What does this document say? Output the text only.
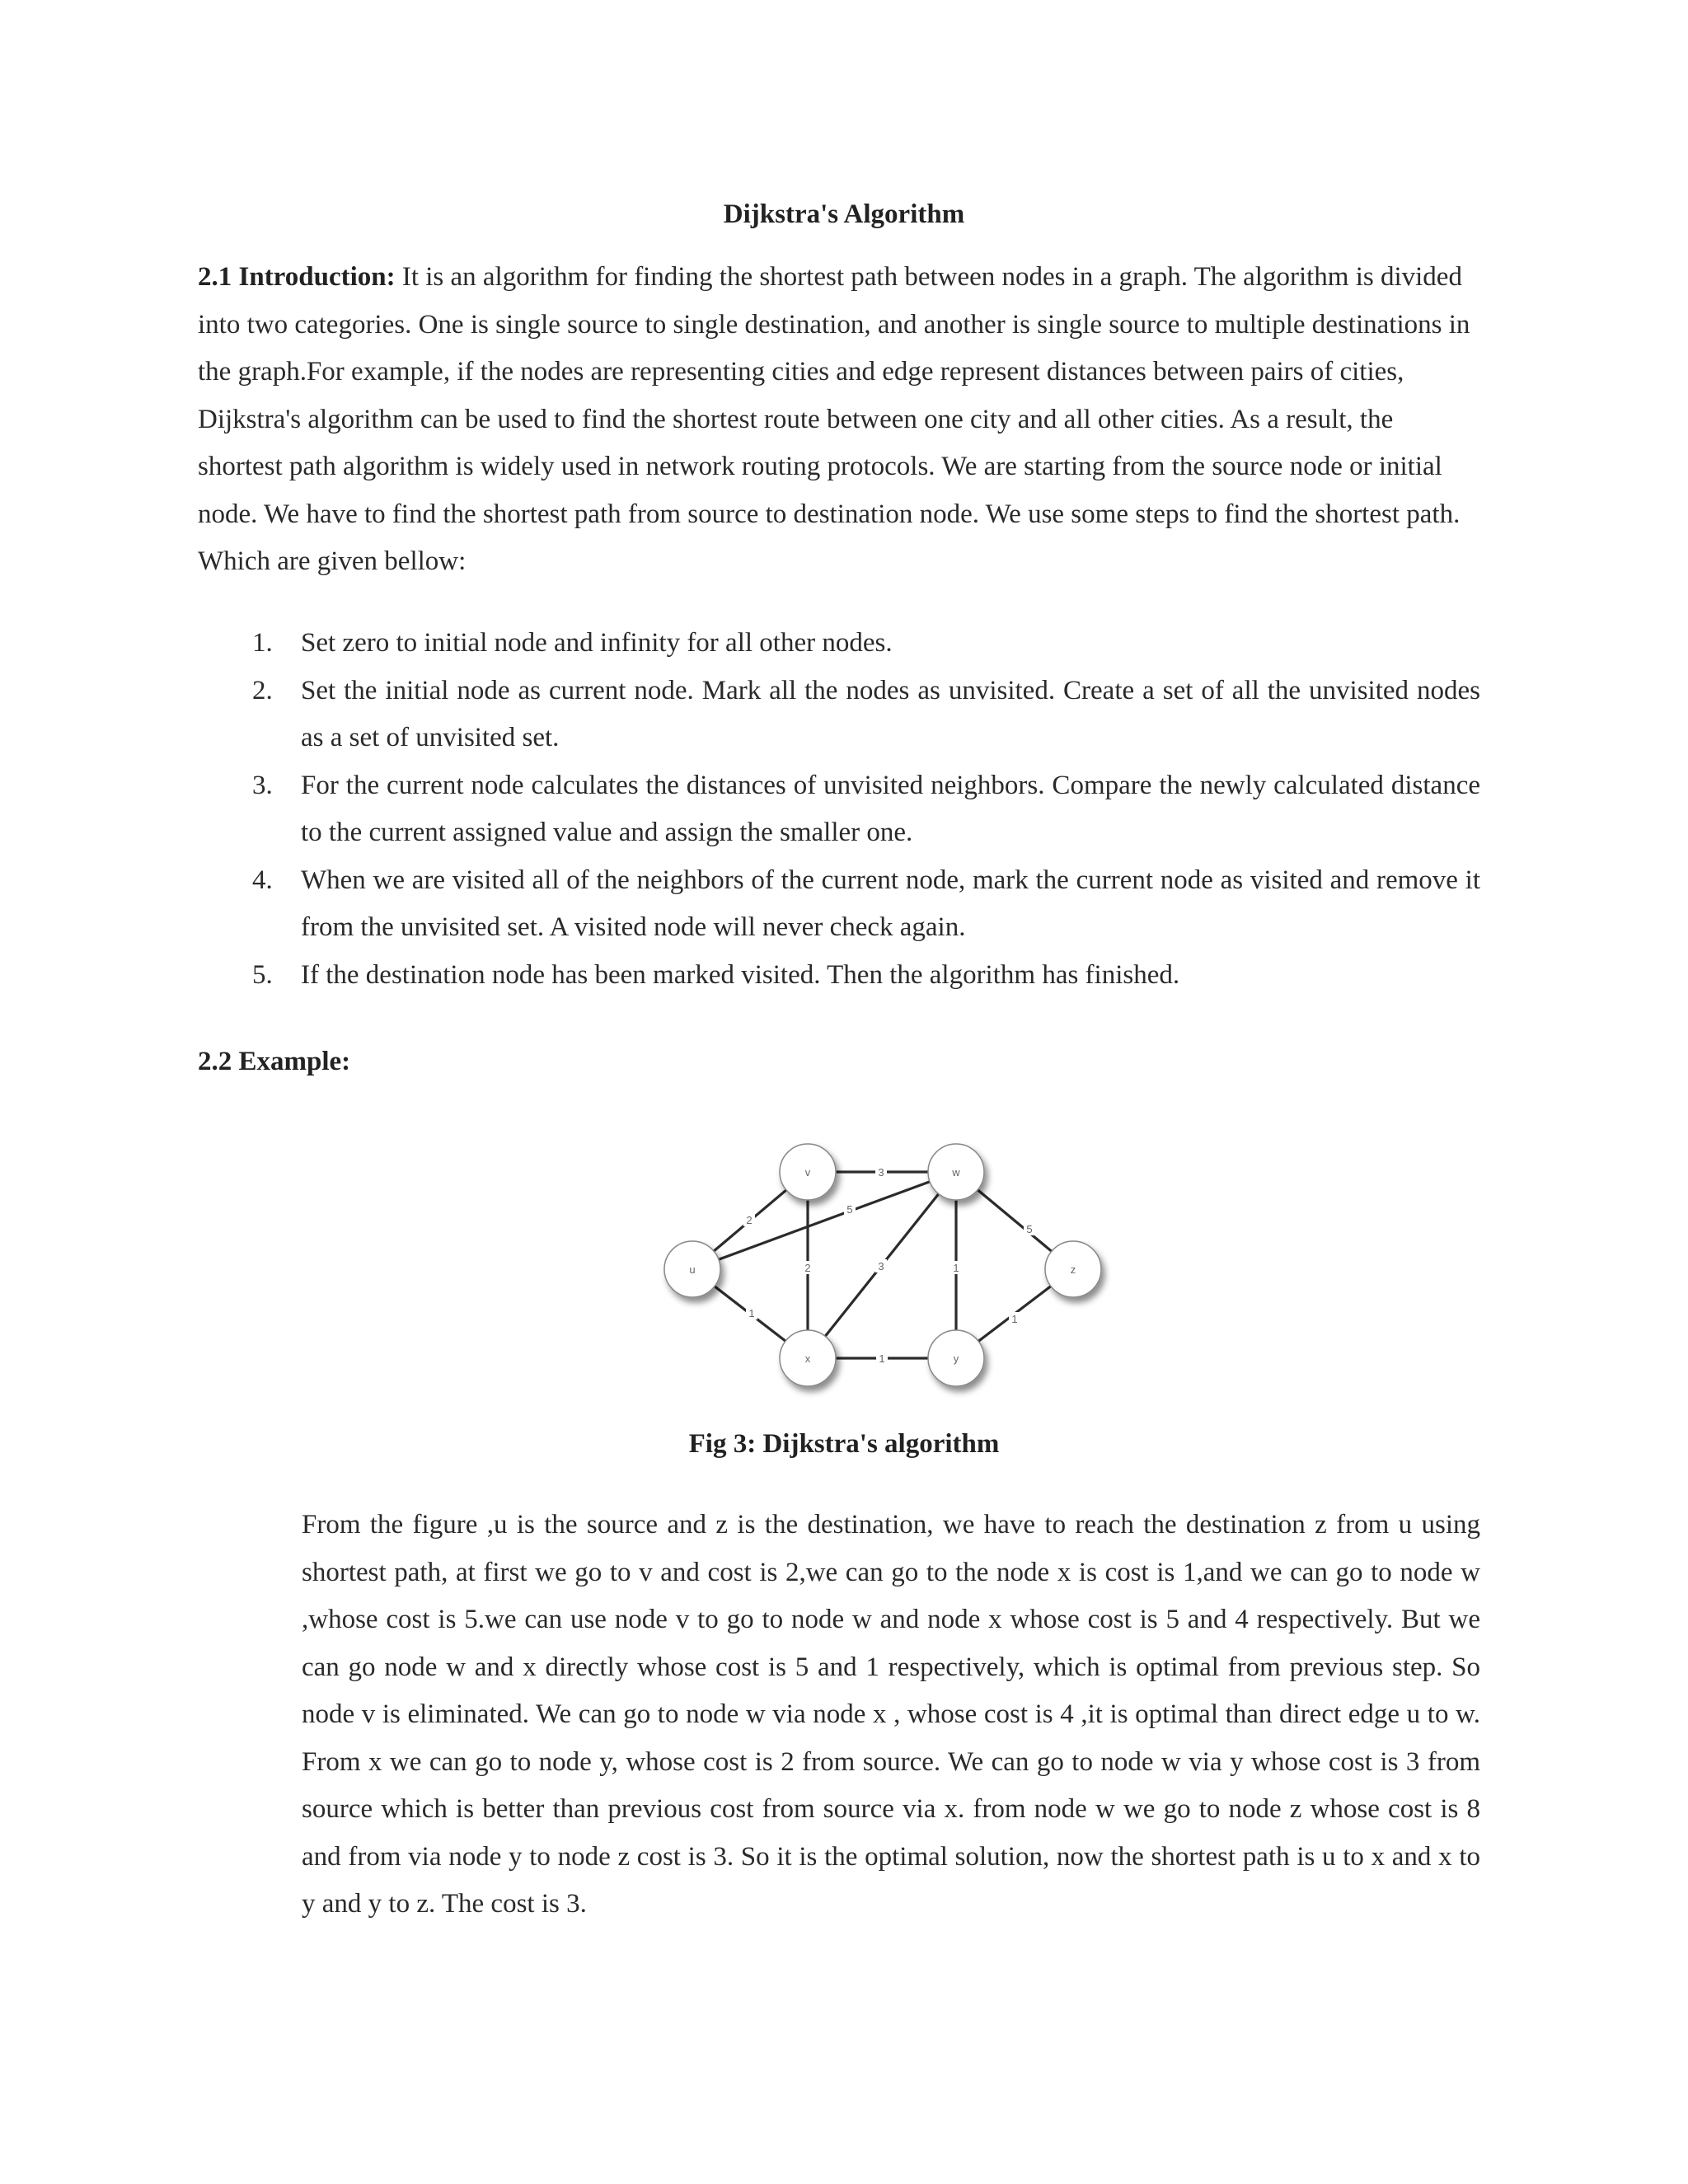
Dijkstra's Algorithm

2.1 Introduction: It is an algorithm for finding the shortest path between nodes in a graph. The algorithm is divided into two categories. One is single source to single destination, and another is single source to multiple destinations in the graph.For example, if the nodes are representing cities and edge represent distances between pairs of cities, Dijkstra's algorithm can be used to find the shortest route between one city and all other cities. As a result, the shortest path algorithm is widely used in network routing protocols. We are starting from the source node or initial node. We have to find the shortest path from source to destination node. We use some steps to find the shortest path. Which are given bellow:

1. Set zero to initial node and infinity for all other nodes.
2. Set the initial node as current node. Mark all the nodes as unvisited. Create a set of all the unvisited nodes as a set of unvisited set.
3. For the current node calculates the distances of unvisited neighbors. Compare the newly calculated distance to the current assigned value and assign the smaller one.
4. When we are visited all of the neighbors of the current node, mark the current node as visited and remove it from the unvisited set. A visited node will never check again.
5. If the destination node has been marked visited. Then the algorithm has finished.
2.2 Example:
2
5
1
3
2	3	1
5
1
1
u
v	w
x	y
z

Fig 3: Dijkstra's algorithm

From the figure ,u is the source and z is the destination, we have to reach the destination z from u using shortest path, at first we go to v and cost is 2,we can go to the node x is cost is 1,and we can go to node w ,whose cost is 5.we can use node v to go to node w and node x whose cost is 5 and 4 respectively. But we can go node w and x directly whose cost is 5 and 1 respectively, which is optimal from previous step. So node v is eliminated. We can go to node w via node x , whose cost is 4 ,it is optimal than direct edge u to w. From x we can go to node y, whose cost is 2 from source. We can go to node w via y whose cost is 3 from source which is better than previous cost from source via x. from node w we go to node z whose cost is 8 and from via node y to node z cost is 3. So it is the optimal solution, now the shortest path is u to x and x to y and y to z. The cost is 3.
